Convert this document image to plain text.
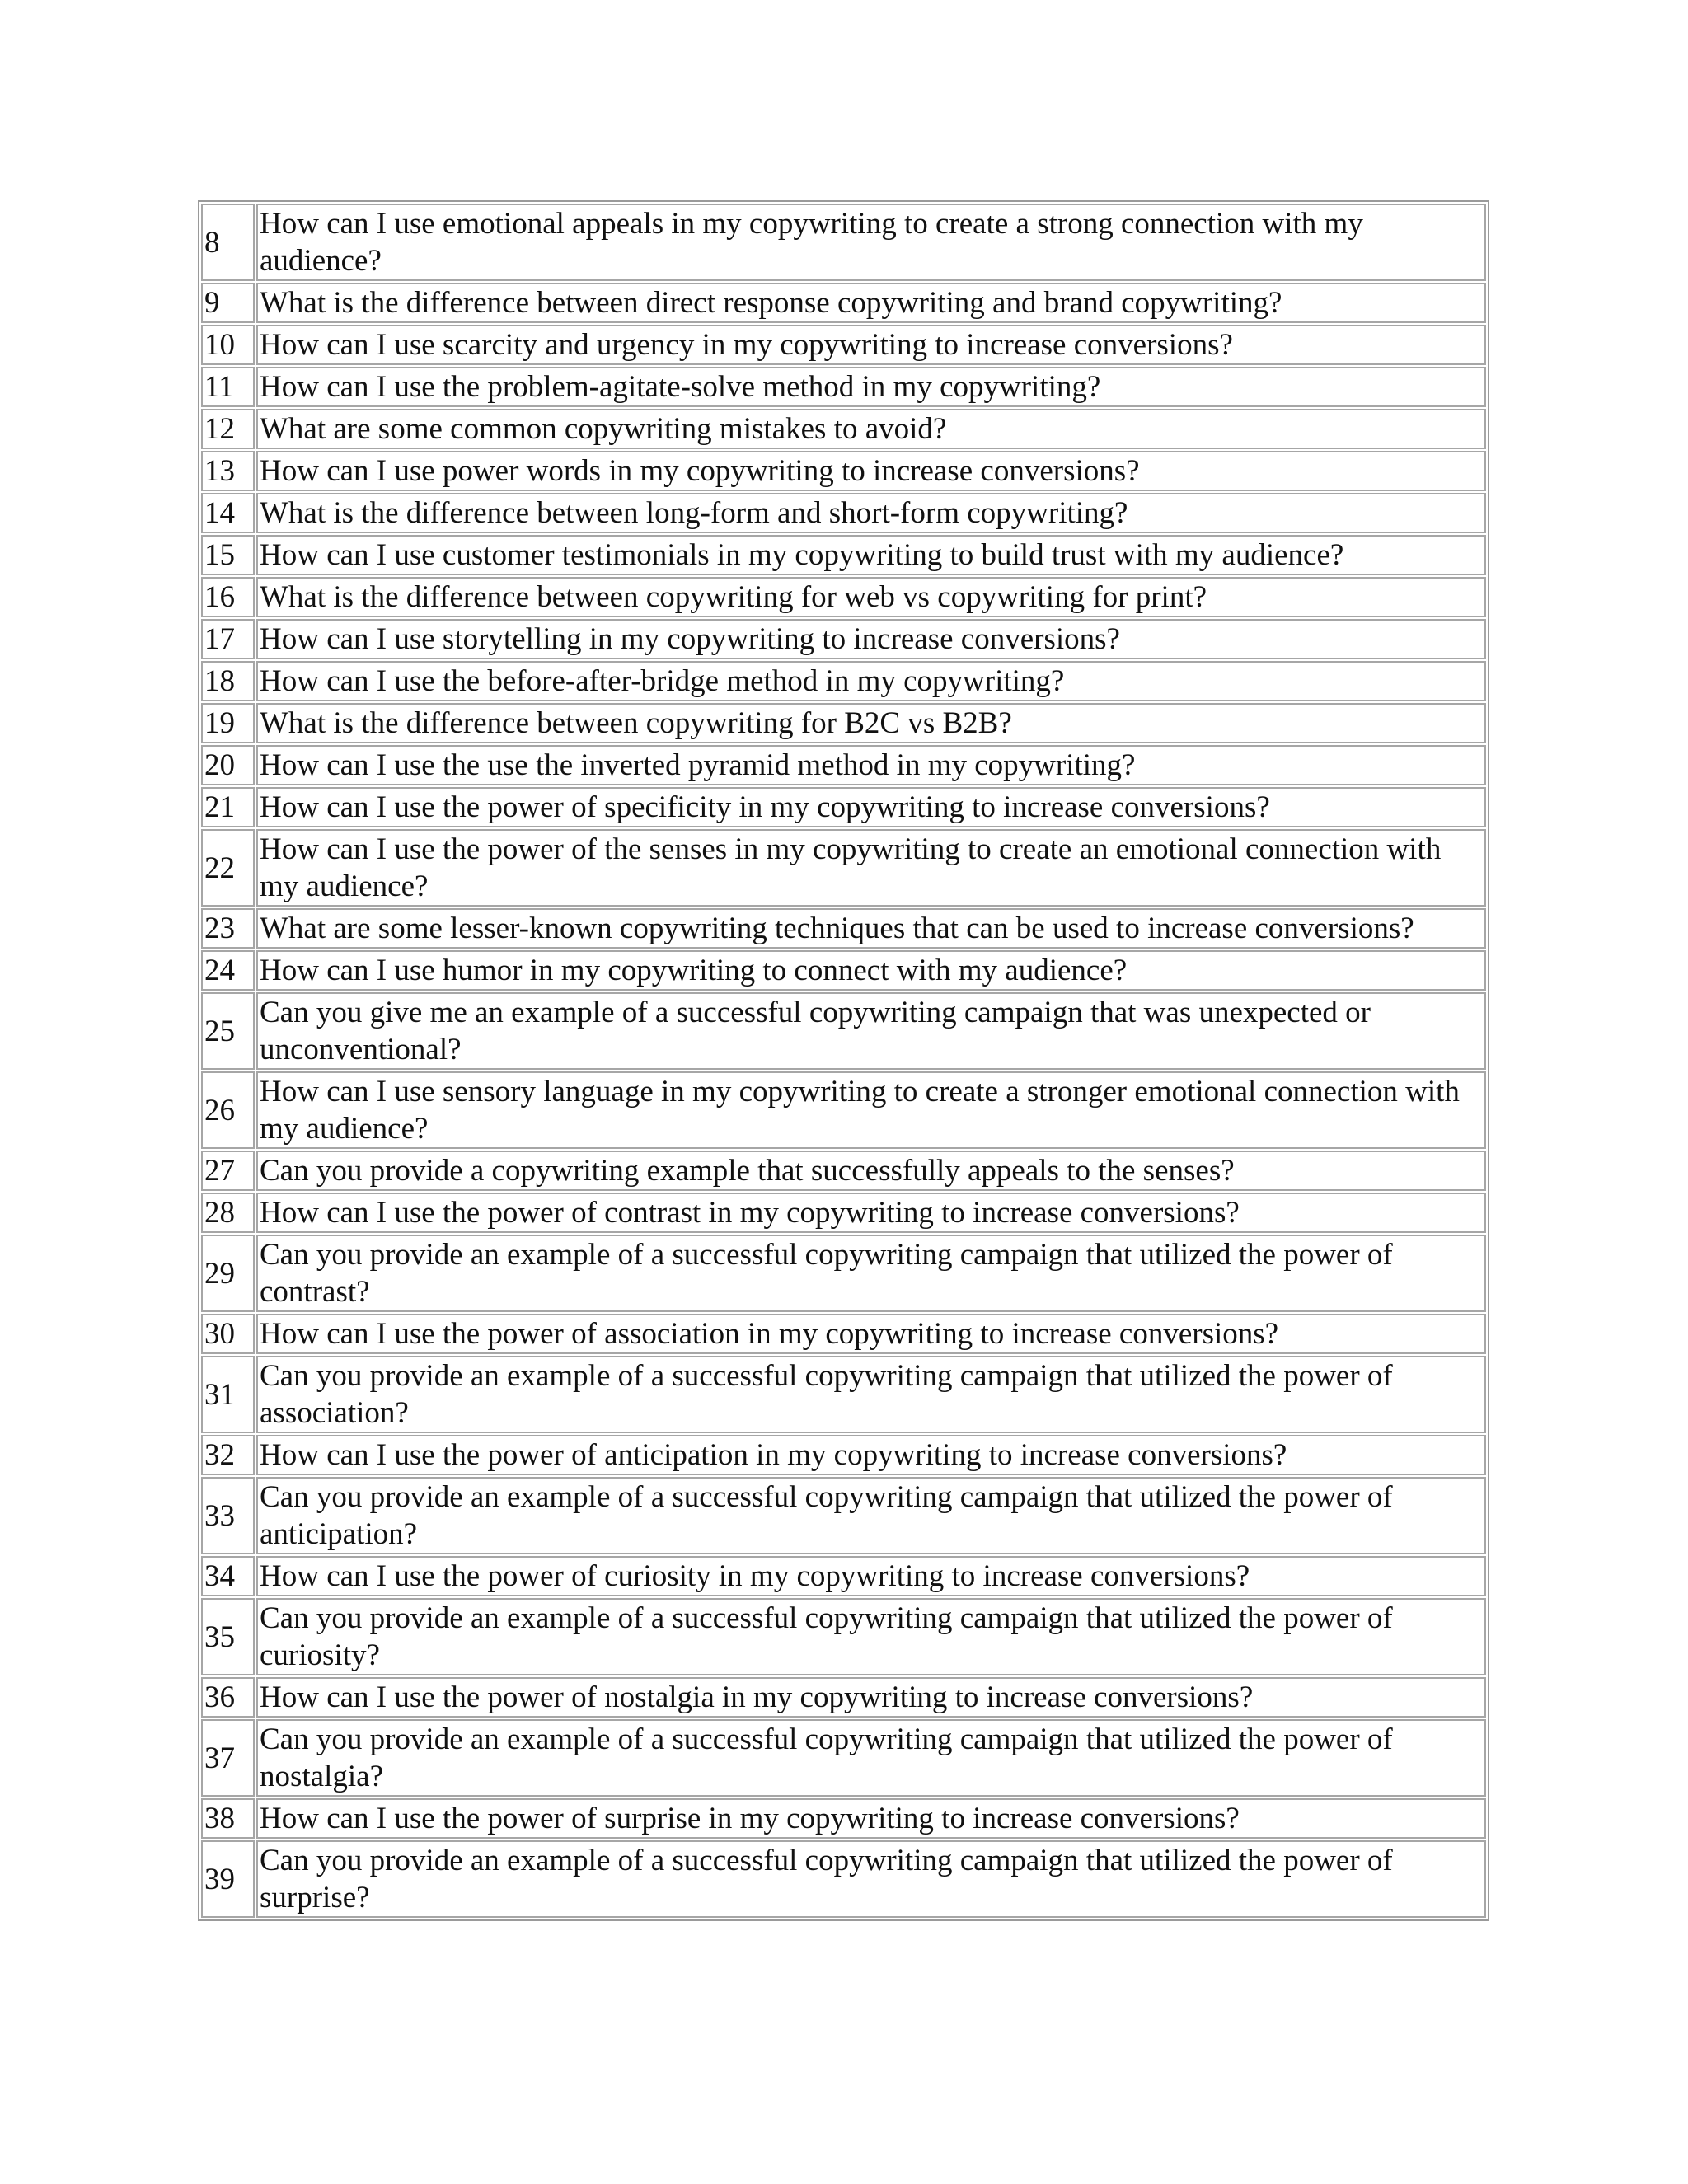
8	How can I use emotional appeals in my copywriting to create a strong connection with my audience?
9	What is the difference between direct response copywriting and brand copywriting?
10	How can I use scarcity and urgency in my copywriting to increase conversions?
11	How can I use the problem-agitate-solve method in my copywriting?
12	What are some common copywriting mistakes to avoid?
13	How can I use power words in my copywriting to increase conversions?
14	What is the difference between long-form and short-form copywriting?
15	How can I use customer testimonials in my copywriting to build trust with my audience?
16	What is the difference between copywriting for web vs copywriting for print?
17	How can I use storytelling in my copywriting to increase conversions?
18	How can I use the before-after-bridge method in my copywriting?
19	What is the difference between copywriting for B2C vs B2B?
20	How can I use the use the inverted pyramid method in my copywriting?
21	How can I use the power of specificity in my copywriting to increase conversions?
22	How can I use the power of the senses in my copywriting to create an emotional connection with my audience?
23	What are some lesser-known copywriting techniques that can be used to increase conversions?
24	How can I use humor in my copywriting to connect with my audience?
25	Can you give me an example of a successful copywriting campaign that was unexpected or unconventional?
26	How can I use sensory language in my copywriting to create a stronger emotional connection with my audience?
27	Can you provide a copywriting example that successfully appeals to the senses?
28	How can I use the power of contrast in my copywriting to increase conversions?
29	Can you provide an example of a successful copywriting campaign that utilized the power of contrast?
30	How can I use the power of association in my copywriting to increase conversions?
31	Can you provide an example of a successful copywriting campaign that utilized the power of association?
32	How can I use the power of anticipation in my copywriting to increase conversions?
33	Can you provide an example of a successful copywriting campaign that utilized the power of anticipation?
34	How can I use the power of curiosity in my copywriting to increase conversions?
35	Can you provide an example of a successful copywriting campaign that utilized the power of curiosity?
36	How can I use the power of nostalgia in my copywriting to increase conversions?
37	Can you provide an example of a successful copywriting campaign that utilized the power of nostalgia?
38	How can I use the power of surprise in my copywriting to increase conversions?
39	Can you provide an example of a successful copywriting campaign that utilized the power of surprise?
